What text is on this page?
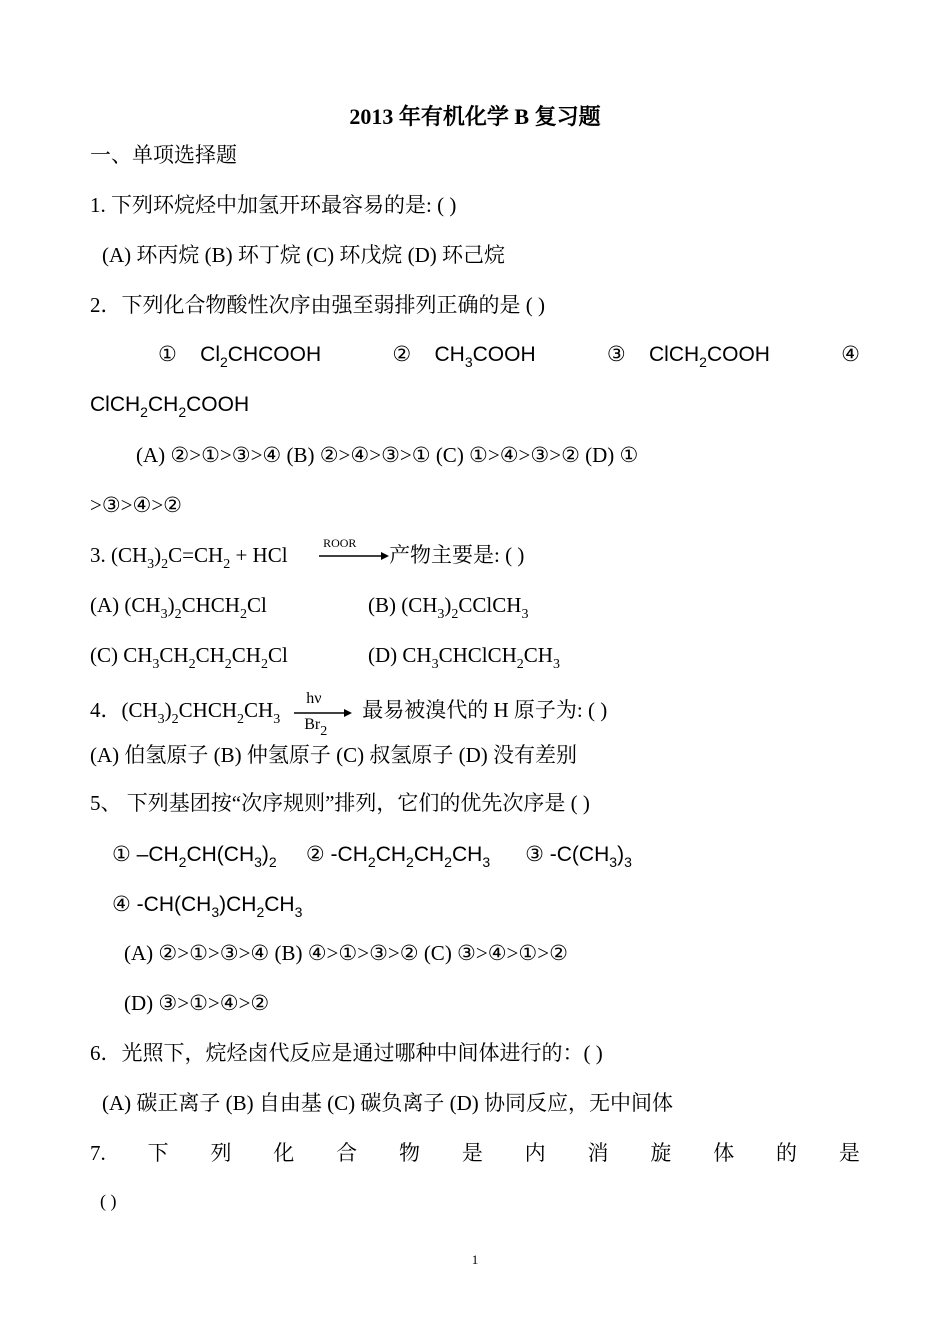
2013 年有机化学 B 复习题
一、单项选择题
1. 下列环烷烃中加氢开环最容易的是: ( )
(A) 环丙烷 (B) 环丁烷 (C) 环戊烷 (D) 环己烷
2．下列化合物酸性次序由强至弱排列正确的是 ( )
①    $Cl_2CHCOOH$	②    $CH_3COOH$	③    ClCH$_2$COOH	④
$ClCH_2CH_2COOH$
(A) ②>①>③>④ (B) ②>④>③>① (C) ①>④>③>② (D) ①
>③>④>②
3. $(CH_3)_2C=CH_2$ + HCl ROOR 产物主要是: ( )
(A) $(CH_3)_2CHCH_2Cl$	(B) $(CH_3)_2CClCH_3$
(C) $CH_3CH_2CH_2CH_2Cl$	(D) $CH_3CHClCH_2CH_3$
4．$(CH_3)_2CHCH_2CH_3$
hν
$Br_2$
最易被溴代的 H 原子为: ( )
(A) 伯氢原子 (B) 仲氢原子 (C) 叔氢原子 (D) 没有差别
5、 下列基团按“次序规则”排列，它们的优先次序是 ( )
① $-CH_2CH(CH_3)_2$     ② $-CH_2CH_2CH_2CH_3$      ③ $-C(CH_3)_3$
④ $-CH(CH_3)CH_2CH_3$
(A) ②>①>③>④ (B) ④>①>③>② (C) ③>④>①>②
(D) ③>①>④>②
6．光照下，烷烃卤代反应是通过哪种中间体进行的：( )
(A) 碳正离子 (B) 自由基 (C) 碳负离子 (D) 协同反应，无中间体
7. 下 列 化 合 物 是 内 消 旋 体 的 是
( )
1
